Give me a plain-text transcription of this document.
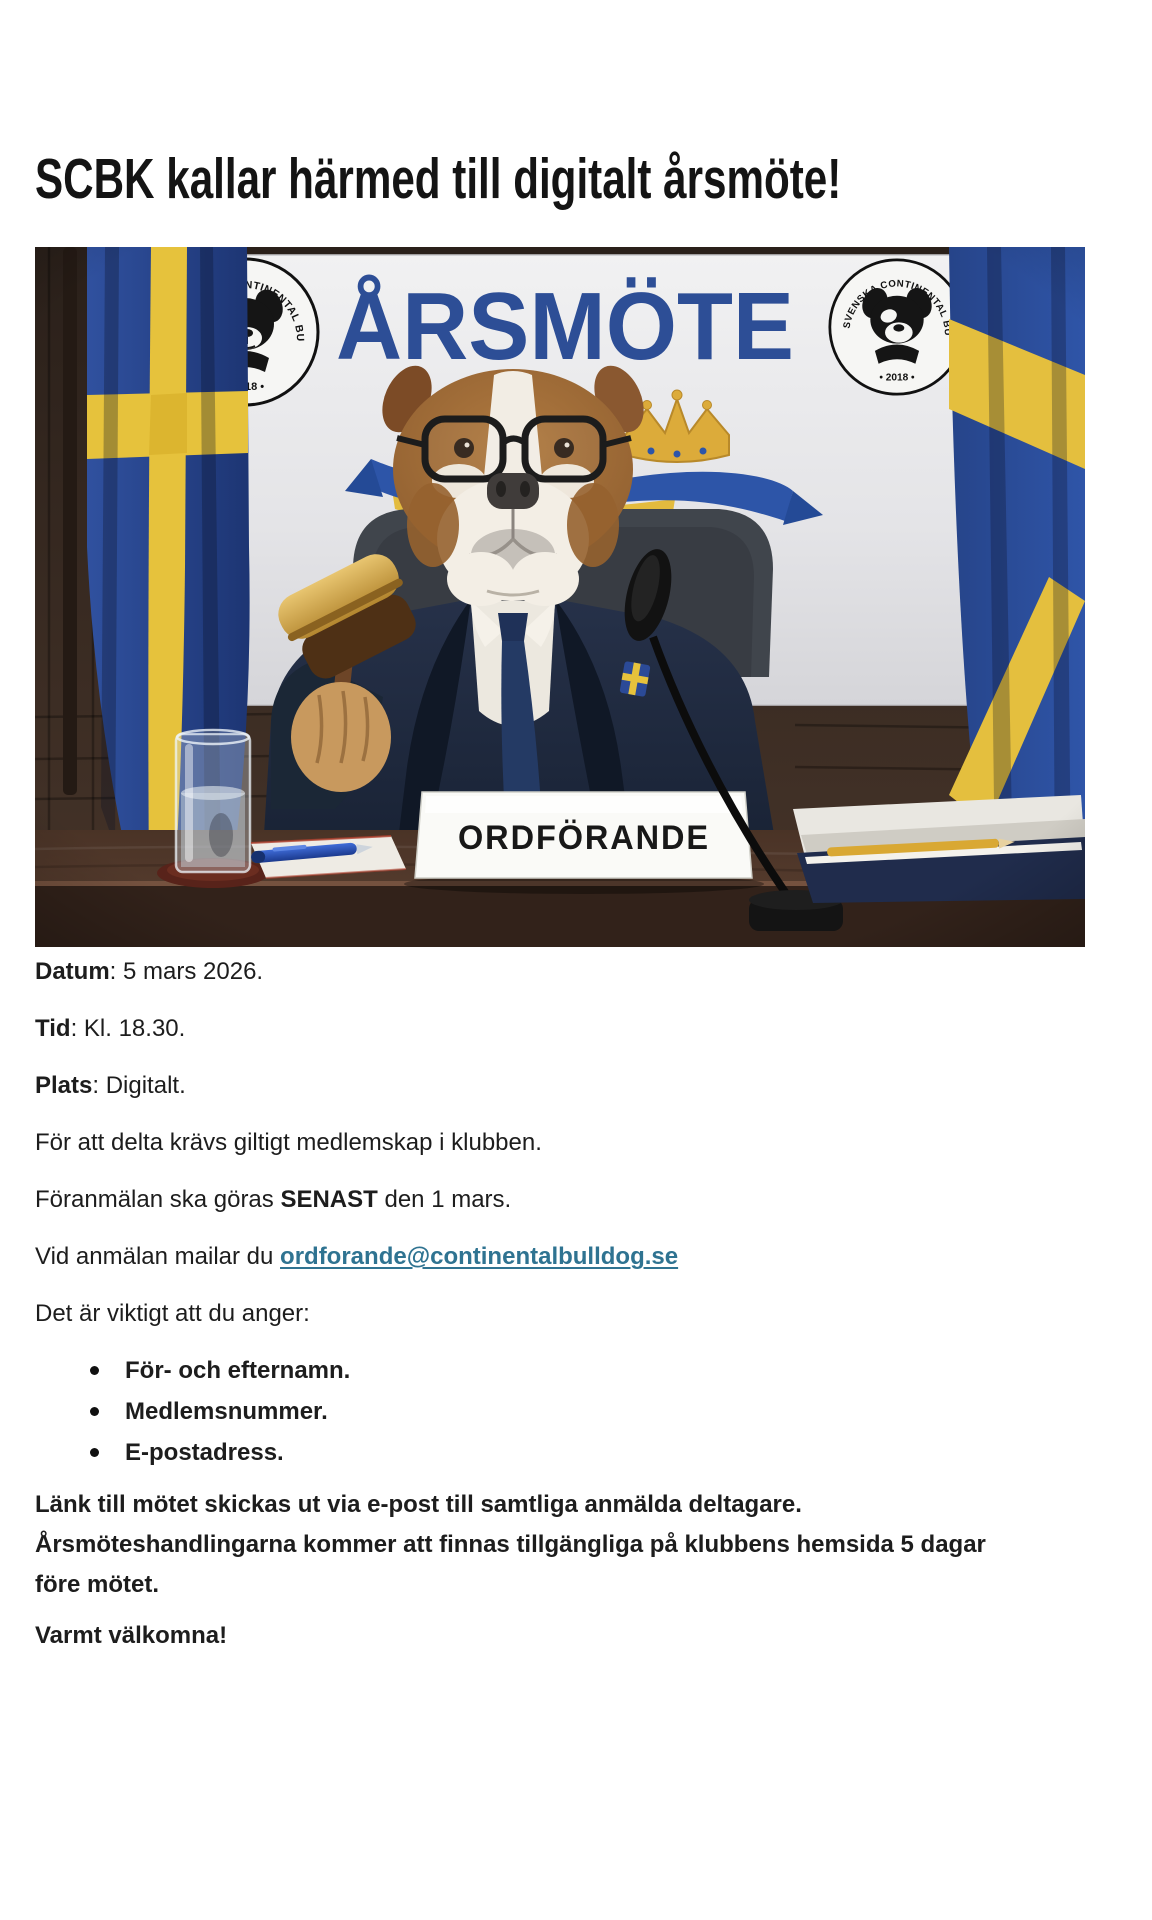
SCBK kallar härmed till digitalt årsmöte!

Datum: 5 mars 2026.

Tid: Kl. 18.30.

Plats: Digitalt.

För att delta krävs giltigt medlemskap i klubben.

Föranmälan ska göras SENAST den 1 mars.

Vid anmälan mailar du ordforande@continentalbulldog.se

Det är viktigt att du anger:

För- och efternamn.
Medlemsnummer.
E-postadress.

Länk till mötet skickas ut via e-post till samtliga anmälda deltagare.
Årsmöteshandlingarna kommer att finnas tillgängliga på klubbens hemsida 5 dagar
före mötet.

Varmt välkomna!
